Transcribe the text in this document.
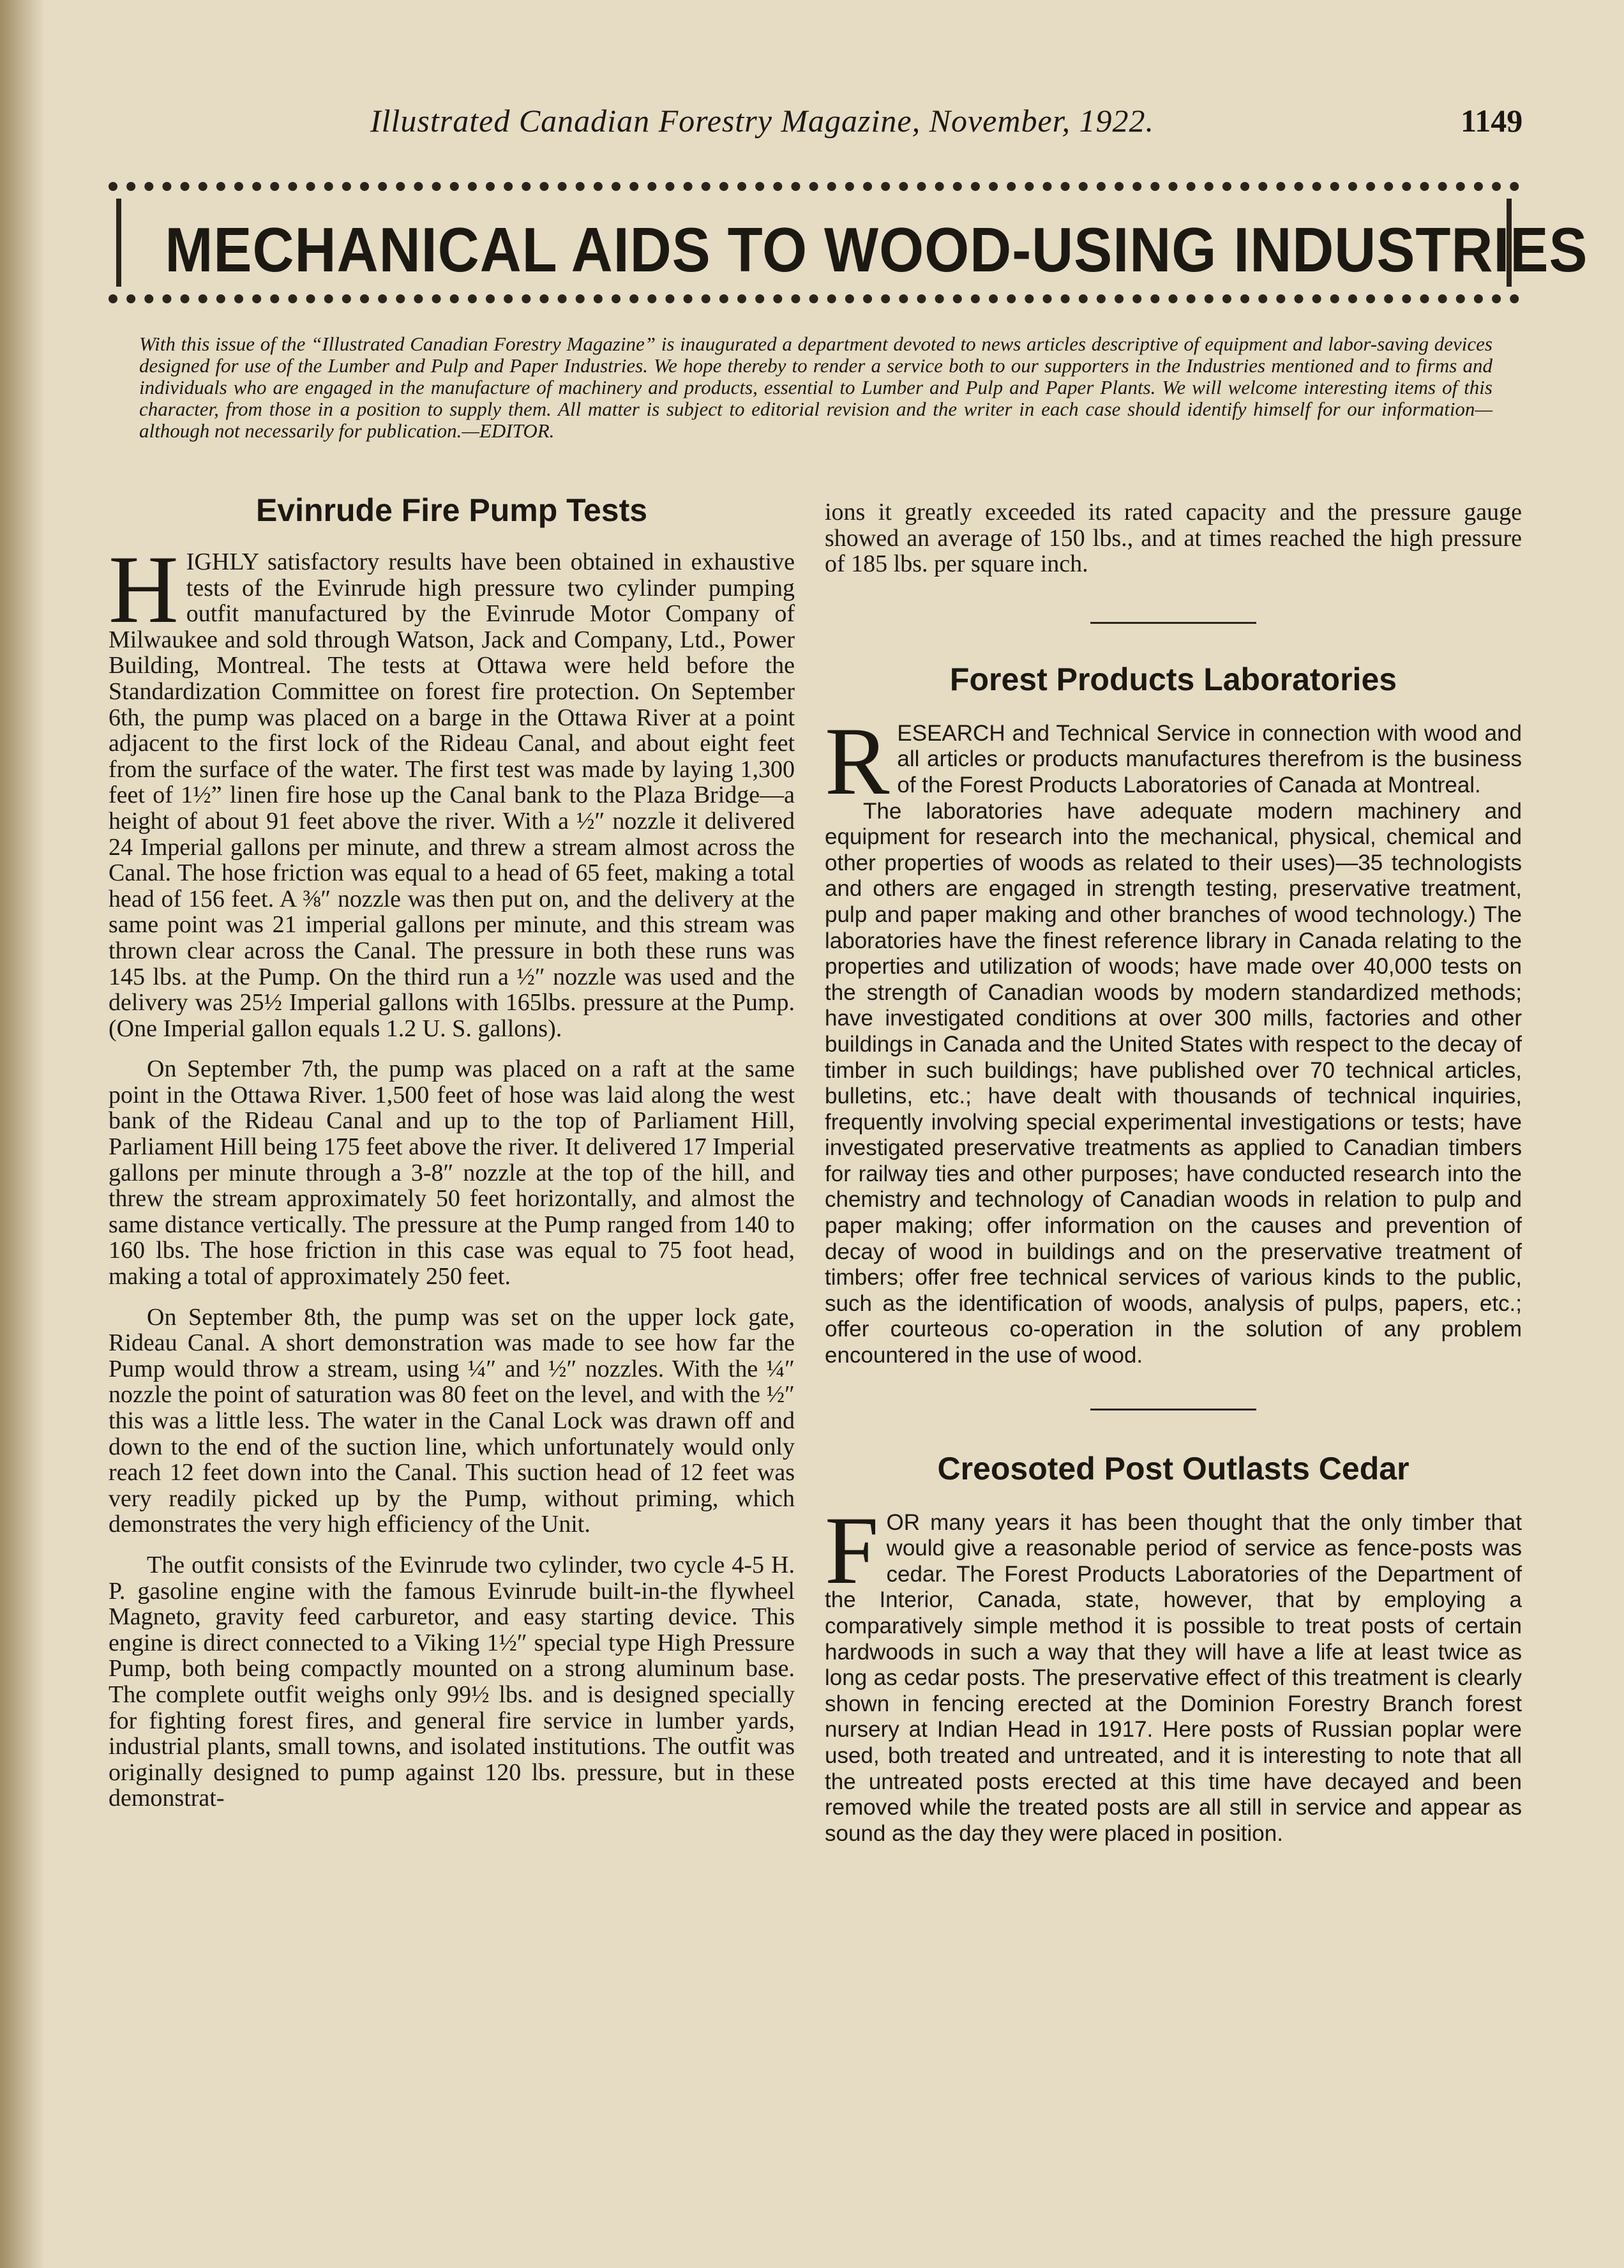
Illustrated Canadian Forestry Magazine, November, 1922.	1149
MECHANICAL AIDS TO WOOD-USING INDUSTRIES

With this issue of the “Illustrated Canadian Forestry Magazine” is inaugurated a department devoted to news articles descriptive of equipment and labor-saving devices designed for use of the Lumber and Pulp and Paper Industries. We hope thereby to render a service both to our supporters in the Industries mentioned and to firms and individuals who are engaged in the manufacture of machinery and products, essential to Lumber and Pulp and Paper Plants. We will welcome interesting items of this character, from those in a position to supply them. All matter is subject to editorial revision and the writer in each case should identify himself for our information—although not necessarily for publication.—EDITOR.

Evinrude Fire Pump Tests

HIGHLY satisfactory results have been obtained in exhaustive tests of the Evinrude high pressure two cylinder pumping outfit manufactured by the Evinrude Motor Company of Milwaukee and sold through Watson, Jack and Company, Ltd., Power Building, Montreal. The tests at Ottawa were held before the Standardization Committee on forest fire protection. On September 6th, the pump was placed on a barge in the Ottawa River at a point adjacent to the first lock of the Rideau Canal, and about eight feet from the surface of the water. The first test was made by laying 1,300 feet of 1½” linen fire hose up the Canal bank to the Plaza Bridge—a height of about 91 feet above the river. With a ½″ nozzle it delivered 24 Imperial gallons per minute, and threw a stream almost across the Canal. The hose friction was equal to a head of 65 feet, making a total head of 156 feet. A ⅜″ nozzle was then put on, and the delivery at the same point was 21 imperial gallons per minute, and this stream was thrown clear across the Canal. The pressure in both these runs was 145 lbs. at the Pump. On the third run a ½″ nozzle was used and the delivery was 25½ Imperial gallons with 165lbs. pressure at the Pump. (One Imperial gallon equals 1.2 U. S. gallons).

On September 7th, the pump was placed on a raft at the same point in the Ottawa River. 1,500 feet of hose was laid along the west bank of the Rideau Canal and up to the top of Parliament Hill, Parliament Hill being 175 feet above the river. It delivered 17 Imperial gallons per minute through a 3-8″ nozzle at the top of the hill, and threw the stream approximately 50 feet horizontally, and almost the same distance vertically. The pressure at the Pump ranged from 140 to 160 lbs. The hose friction in this case was equal to 75 foot head, making a total of approximately 250 feet.

On September 8th, the pump was set on the upper lock gate, Rideau Canal. A short demonstration was made to see how far the Pump would throw a stream, using ¼″ and ½″ nozzles. With the ¼″ nozzle the point of saturation was 80 feet on the level, and with the ½″ this was a little less. The water in the Canal Lock was drawn off and down to the end of the suction line, which unfortunately would only reach 12 feet down into the Canal. This suction head of 12 feet was very readily picked up by the Pump, without priming, which demonstrates the very high efficiency of the Unit.

The outfit consists of the Evinrude two cylinder, two cycle 4-5 H. P. gasoline engine with the famous Evinrude built-in-the flywheel Magneto, gravity feed carburetor, and easy starting device. This engine is direct connected to a Viking 1½″ special type High Pressure Pump, both being compactly mounted on a strong aluminum base. The complete outfit weighs only 99½ lbs. and is designed specially for fighting forest fires, and general fire service in lumber yards, industrial plants, small towns, and isolated institutions. The outfit was originally designed to pump against 120 lbs. pressure, but in these demonstrat-

ions it greatly exceeded its rated capacity and the pressure gauge showed an average of 150 lbs., and at times reached the high pressure of 185 lbs. per square inch.

Forest Products Laboratories

RESEARCH and Technical Service in connection with wood and all articles or products manufactures therefrom is the business of the Forest Products Laboratories of Canada at Montreal.

The laboratories have adequate modern machinery and equipment for research into the mechanical, physical, chemical and other properties of woods as related to their uses)—35 technologists and others are engaged in strength testing, preservative treatment, pulp and paper making and other branches of wood technology.) The laboratories have the finest reference library in Canada relating to the properties and utilization of woods; have made over 40,000 tests on the strength of Canadian woods by modern standardized methods; have investigated conditions at over 300 mills, factories and other buildings in Canada and the United States with respect to the decay of timber in such buildings; have published over 70 technical articles, bulletins, etc.; have dealt with thousands of technical inquiries, frequently involving special experimental investigations or tests; have investigated preservative treatments as applied to Canadian timbers for railway ties and other purposes; have conducted research into the chemistry and technology of Canadian woods in relation to pulp and paper making; offer information on the causes and prevention of decay of wood in buildings and on the preservative treatment of timbers; offer free technical services of various kinds to the public, such as the identification of woods, analysis of pulps, papers, etc.; offer courteous co-operation in the solution of any problem encountered in the use of wood.

Creosoted Post Outlasts Cedar

FOR many years it has been thought that the only timber that would give a reasonable period of service as fence-posts was cedar. The Forest Products Laboratories of the Department of the Interior, Canada, state, however, that by employing a comparatively simple method it is possible to treat posts of certain hardwoods in such a way that they will have a life at least twice as long as cedar posts. The preservative effect of this treatment is clearly shown in fencing erected at the Dominion Forestry Branch forest nursery at Indian Head in 1917. Here posts of Russian poplar were used, both treated and untreated, and it is interesting to note that all the untreated posts erected at this time have decayed and been removed while the treated posts are all still in service and appear as sound as the day they were placed in position.
